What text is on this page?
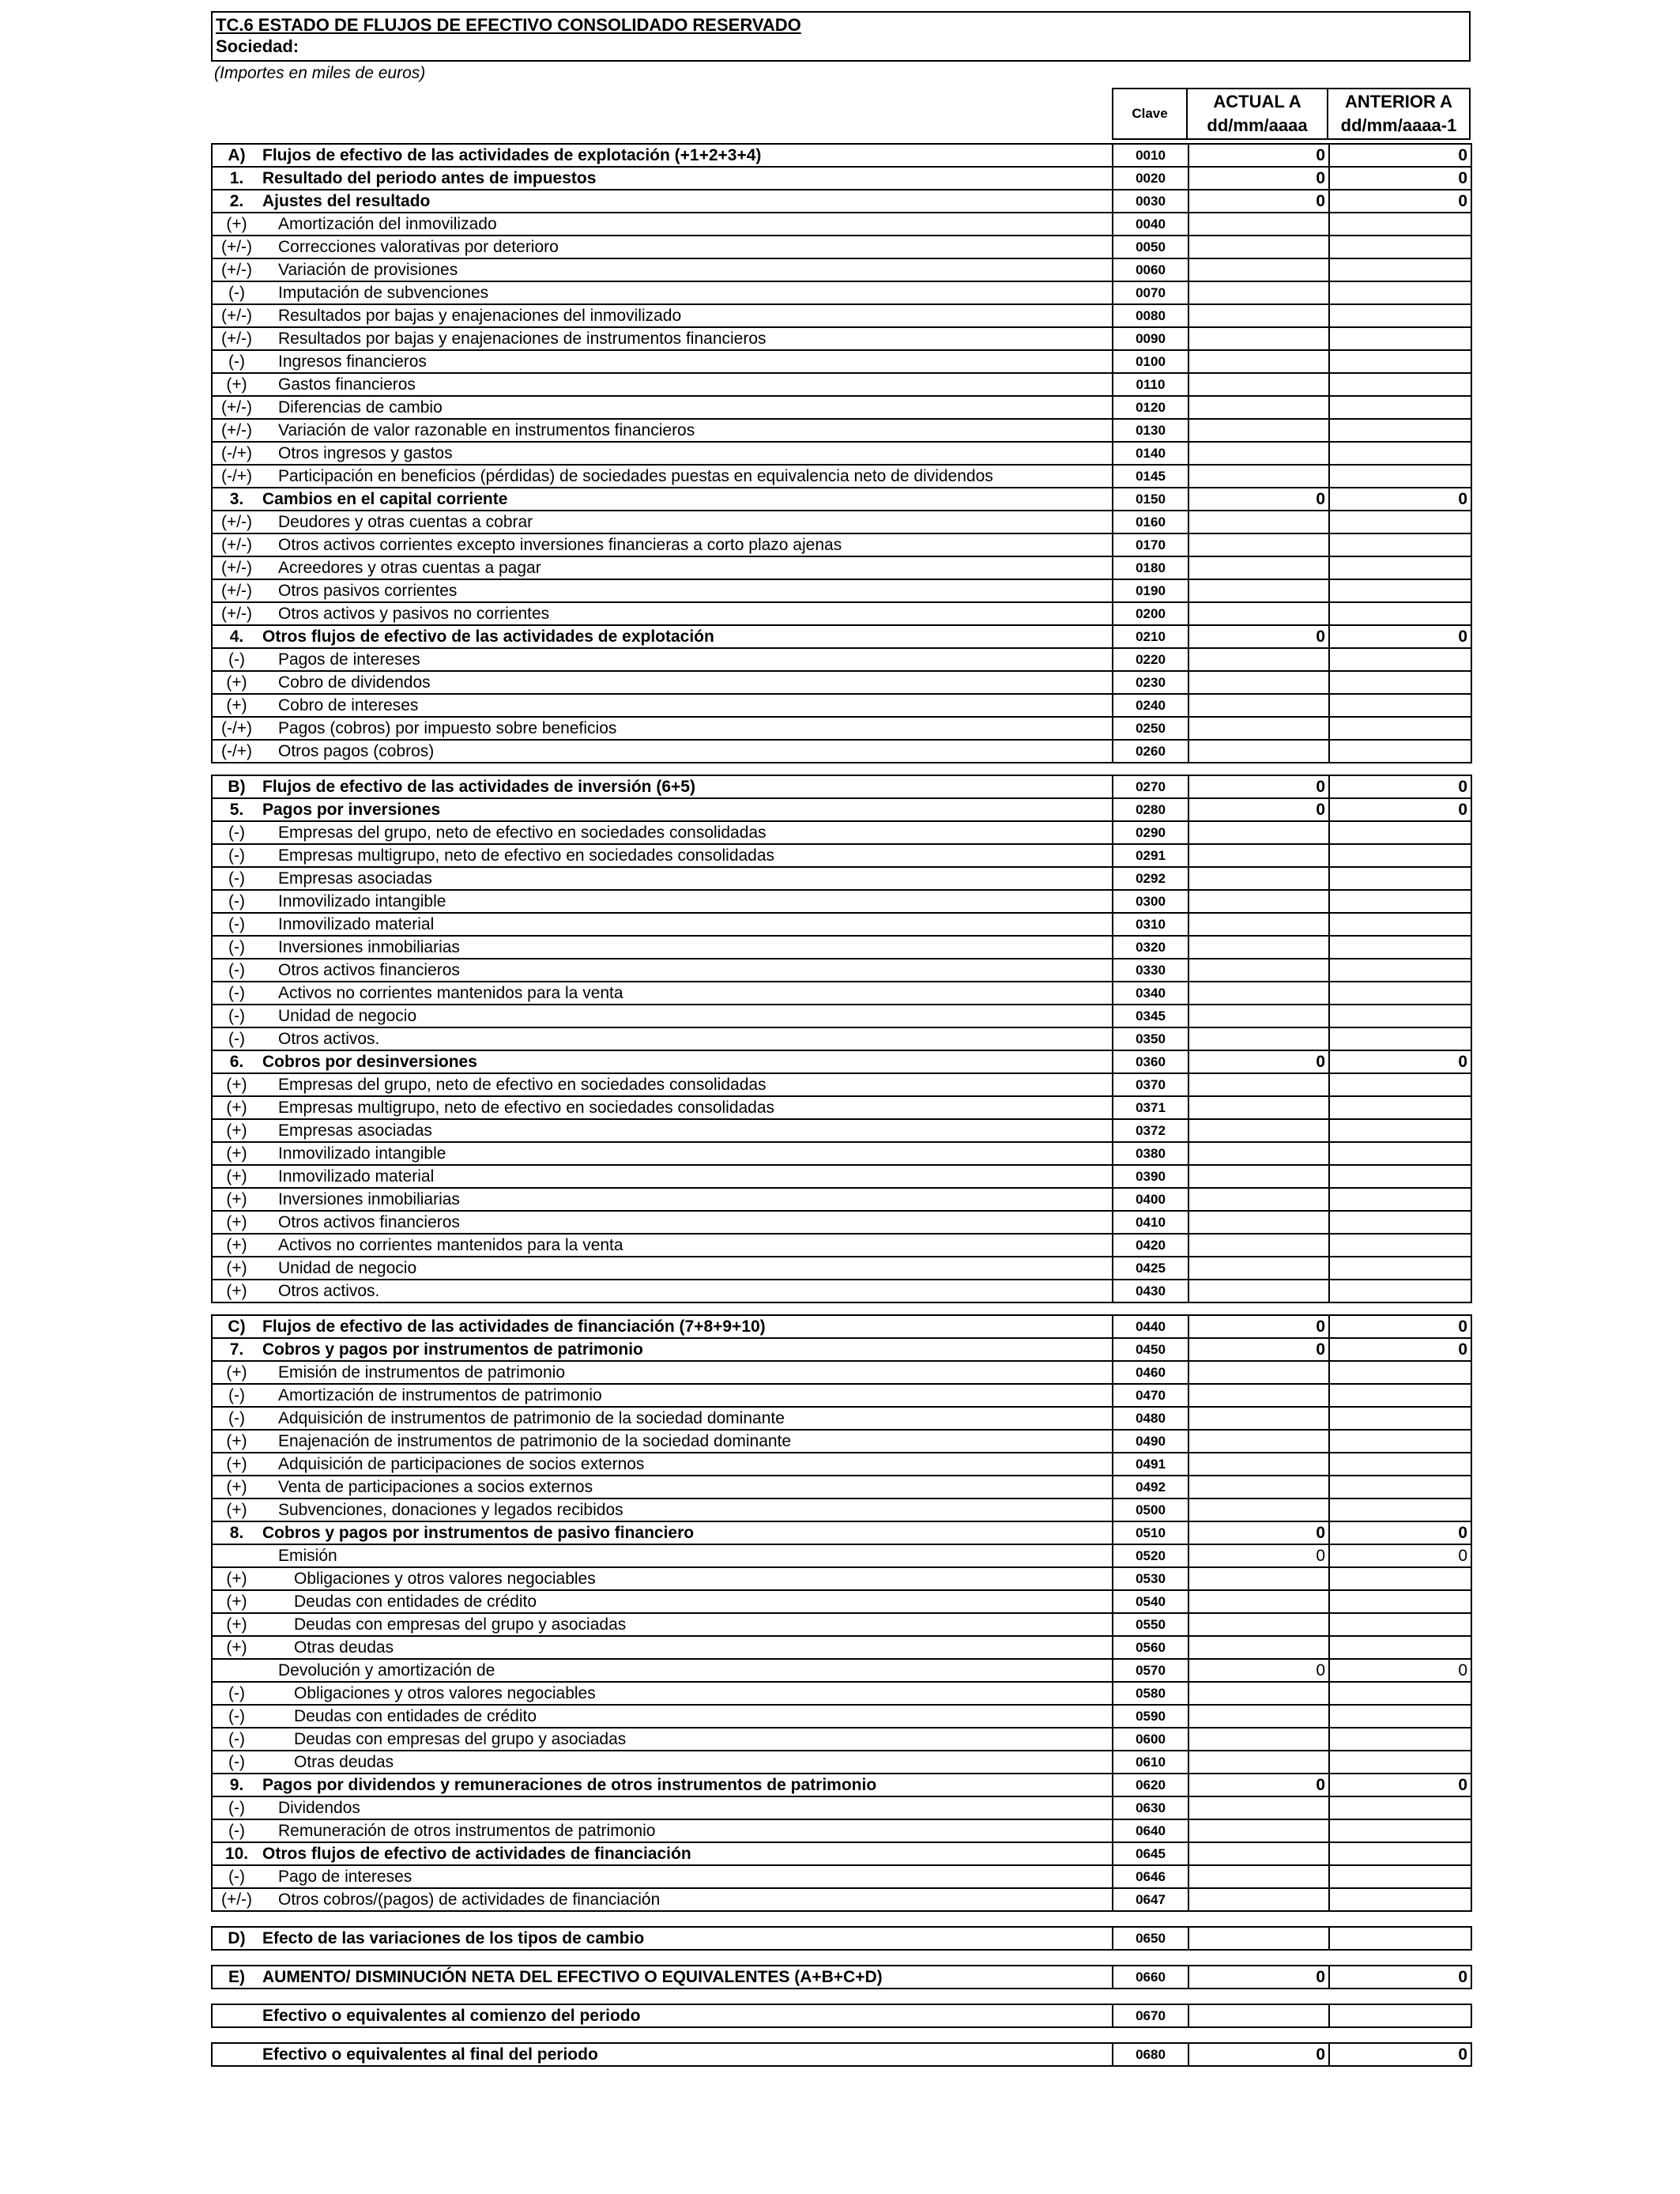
TC.6 ESTADO DE FLUJOS DE EFECTIVO CONSOLIDADO RESERVADO
Sociedad:
(Importes en miles de euros)
Clave
ACTUAL A
dd/mm/aaaa
ANTERIOR A
dd/mm/aaaa-1
A)	Flujos de efectivo de las actividades de explotación (+1+2+3+4)	0010	0	0
1.	Resultado del periodo antes de impuestos	0020	0	0
2.	Ajustes del resultado	0030	0	0
(+)	Amortización del inmovilizado	0040		
(+/-)	Correcciones valorativas por deterioro	0050		
(+/-)	Variación de provisiones	0060		
(-)	Imputación de subvenciones	0070		
(+/-)	Resultados por bajas y enajenaciones del inmovilizado	0080		
(+/-)	Resultados por bajas y enajenaciones de instrumentos financieros	0090		
(-)	Ingresos financieros	0100		
(+)	Gastos financieros	0110		
(+/-)	Diferencias de cambio	0120		
(+/-)	Variación de valor razonable en instrumentos financieros	0130		
(-/+)	Otros ingresos y gastos	0140		
(-/+)	Participación en beneficios (pérdidas) de sociedades puestas en equivalencia neto de dividendos	0145		
3.	Cambios en el capital corriente	0150	0	0
(+/-)	Deudores y otras cuentas a cobrar	0160		
(+/-)	Otros activos corrientes excepto inversiones financieras a corto plazo ajenas	0170		
(+/-)	Acreedores y otras cuentas a pagar	0180		
(+/-)	Otros pasivos corrientes	0190		
(+/-)	Otros activos y pasivos no corrientes	0200		
4.	Otros flujos de efectivo de las actividades de explotación	0210	0	0
(-)	Pagos de intereses	0220		
(+)	Cobro de dividendos	0230		
(+)	Cobro de intereses	0240		
(-/+)	Pagos (cobros) por impuesto sobre beneficios	0250		
(-/+)	Otros pagos (cobros)	0260		
B)	Flujos de efectivo de las actividades de inversión (6+5)	0270	0	0
5.	Pagos por inversiones	0280	0	0
(-)	Empresas del grupo, neto de efectivo en sociedades consolidadas	0290		
(-)	Empresas multigrupo, neto de efectivo en sociedades consolidadas	0291		
(-)	Empresas asociadas	0292		
(-)	Inmovilizado intangible	0300		
(-)	Inmovilizado material	0310		
(-)	Inversiones inmobiliarias	0320		
(-)	Otros activos financieros	0330		
(-)	Activos no corrientes mantenidos para la venta	0340		
(-)	Unidad de negocio	0345		
(-)	Otros activos.	0350		
6.	Cobros por desinversiones	0360	0	0
(+)	Empresas del grupo, neto de efectivo en sociedades consolidadas	0370		
(+)	Empresas multigrupo, neto de efectivo en sociedades consolidadas	0371		
(+)	Empresas asociadas	0372		
(+)	Inmovilizado intangible	0380		
(+)	Inmovilizado material	0390		
(+)	Inversiones inmobiliarias	0400		
(+)	Otros activos financieros	0410		
(+)	Activos no corrientes mantenidos para la venta	0420		
(+)	Unidad de negocio	0425		
(+)	Otros activos.	0430		
C)	Flujos de efectivo de las actividades de financiación (7+8+9+10)	0440	0	0
7.	Cobros y pagos por instrumentos de patrimonio	0450	0	0
(+)	Emisión de instrumentos de patrimonio	0460		
(-)	Amortización de instrumentos de patrimonio	0470		
(-)	Adquisición de instrumentos de patrimonio de la sociedad dominante	0480		
(+)	Enajenación de instrumentos de patrimonio de la sociedad dominante	0490		
(+)	Adquisición de participaciones de socios externos	0491		
(+)	Venta de participaciones a socios externos	0492		
(+)	Subvenciones, donaciones y legados recibidos	0500		
8.	Cobros y pagos por instrumentos de pasivo financiero	0510	0	0
	Emisión	0520	0	0
(+)	Obligaciones y otros valores negociables	0530		
(+)	Deudas con entidades de crédito	0540		
(+)	Deudas con empresas del grupo y asociadas	0550		
(+)	Otras deudas	0560		
	Devolución y amortización de	0570	0	0
(-)	Obligaciones y otros valores negociables	0580		
(-)	Deudas con entidades de crédito	0590		
(-)	Deudas con empresas del grupo y asociadas	0600		
(-)	Otras deudas	0610		
9.	Pagos por dividendos y remuneraciones de otros instrumentos de patrimonio	0620	0	0
(-)	Dividendos	0630		
(-)	Remuneración de otros instrumentos de patrimonio	0640		
10.	Otros flujos de efectivo de actividades de financiación	0645		
(-)	Pago de intereses	0646		
(+/-)	Otros cobros/(pagos) de actividades de financiación	0647		
D)	Efecto de las variaciones de los tipos de cambio	0650		
E)	AUMENTO/ DISMINUCIÓN NETA DEL EFECTIVO O EQUIVALENTES (A+B+C+D)	0660	0	0
	Efectivo o equivalentes al comienzo del periodo	0670		
	Efectivo o equivalentes al final del periodo	0680	0	0
